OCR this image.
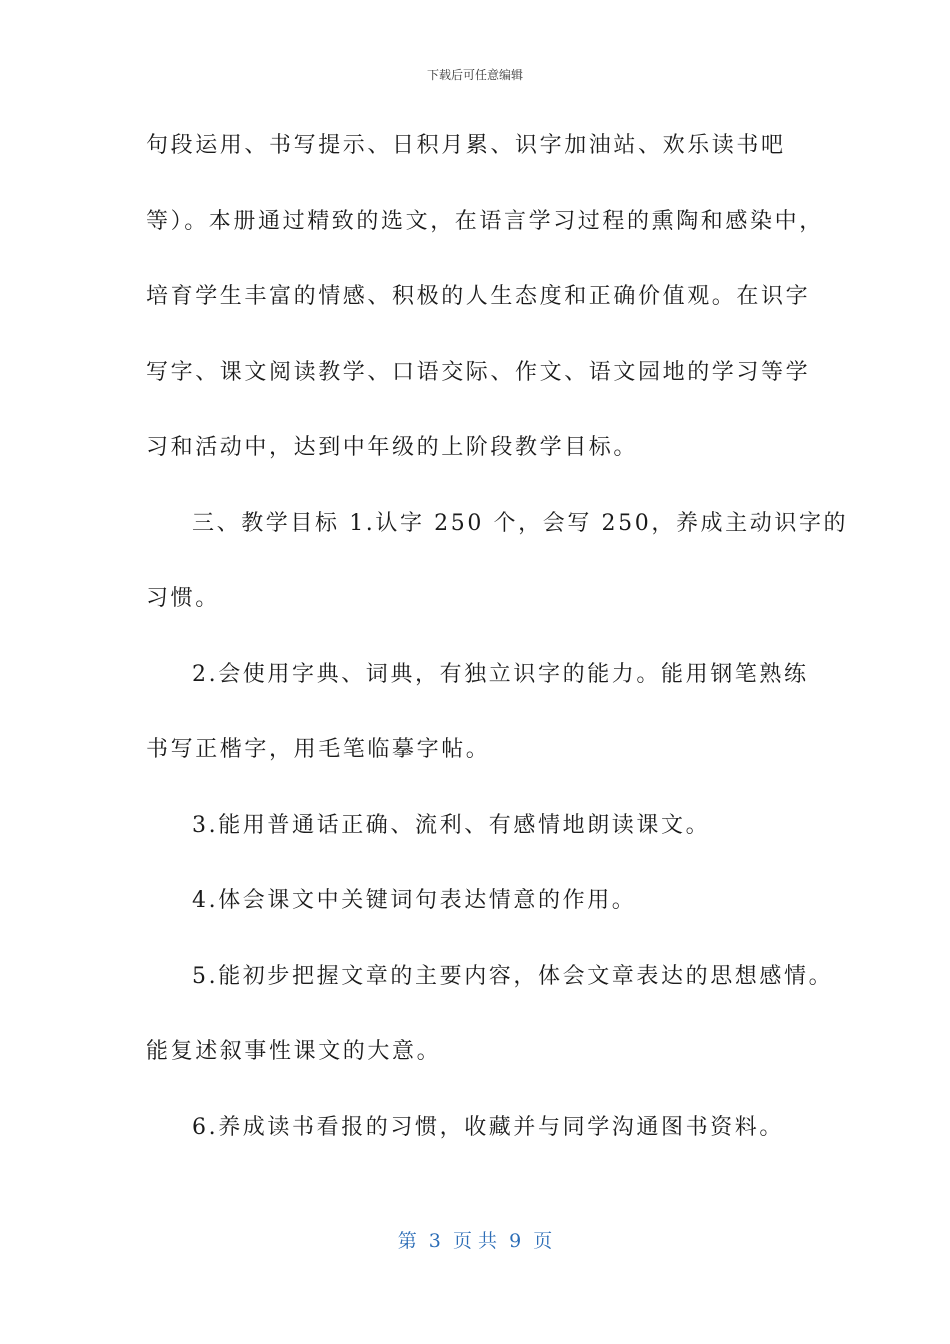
下载后可任意编辑
句段运用、书写提示、日积月累、识字加油站、欢乐读书吧
等）。本册通过精致的选文，在语言学习过程的熏陶和感染中，
培育学生丰富的情感、积极的人生态度和正确价值观。在识字
写字、课文阅读教学、口语交际、作文、语文园地的学习等学
习和活动中，达到中年级的上阶段教学目标。
三、教学目标 1.认字 250 个，会写 250，养成主动识字的
习惯。
2.会使用字典、词典，有独立识字的能力。能用钢笔熟练
书写正楷字，用毛笔临摹字帖。
3.能用普通话正确、流利、有感情地朗读课文。
4.体会课文中关键词句表达情意的作用。
5.能初步把握文章的主要内容，体会文章表达的思想感情。
能复述叙事性课文的大意。
6.养成读书看报的习惯，收藏并与同学沟通图书资料。
第  3  页 共  9  页
